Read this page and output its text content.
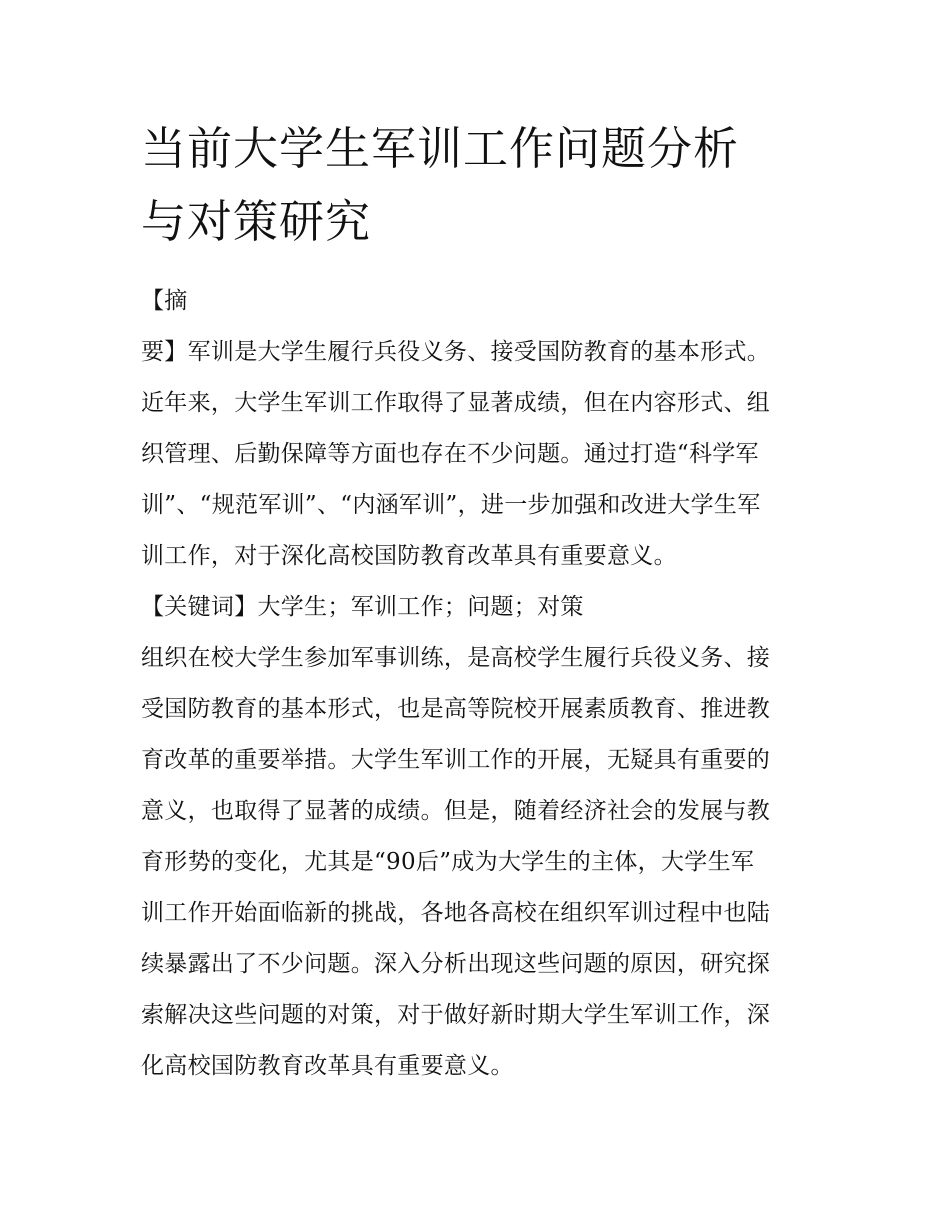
当前大学生军训工作问题分析
与对策研究
【摘
要】军训是大学生履行兵役义务、接受国防教育的基本形式。
近年来，大学生军训工作取得了显著成绩，但在内容形式、组
织管理、后勤保障等方面也存在不少问题。通过打造“科学军
训”、“规范军训”、“内涵军训”，进一步加强和改进大学生军
训工作，对于深化高校国防教育改革具有重要意义。
【关键词】大学生；军训工作；问题；对策
组织在校大学生参加军事训练，是高校学生履行兵役义务、接
受国防教育的基本形式，也是高等院校开展素质教育、推进教
育改革的重要举措。大学生军训工作的开展，无疑具有重要的
意义，也取得了显著的成绩。但是，随着经济社会的发展与教
育形势的变化，尤其是“90后”成为大学生的主体，大学生军
训工作开始面临新的挑战，各地各高校在组织军训过程中也陆
续暴露出了不少问题。深入分析出现这些问题的原因，研究探
索解决这些问题的对策，对于做好新时期大学生军训工作，深
化高校国防教育改革具有重要意义。
